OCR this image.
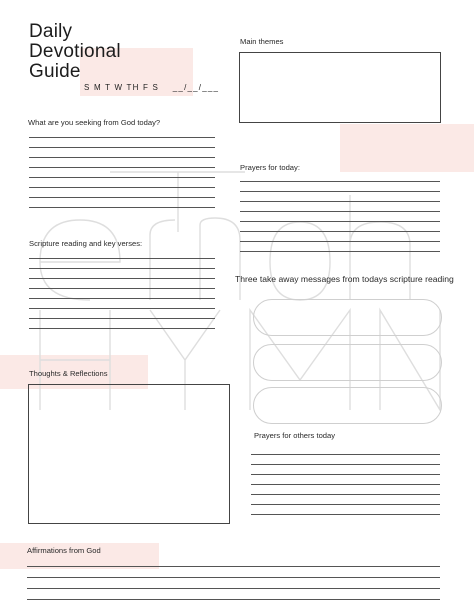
Daily
Devotional
Guide
S M T W TH F S __/__/___
Main themes
What are you seeking from God today?
Prayers for today:
Scripture reading and key verses:
Three take away messages from todays scripture reading
Thoughts & Reflections
Prayers for others today
Affirmations from God
